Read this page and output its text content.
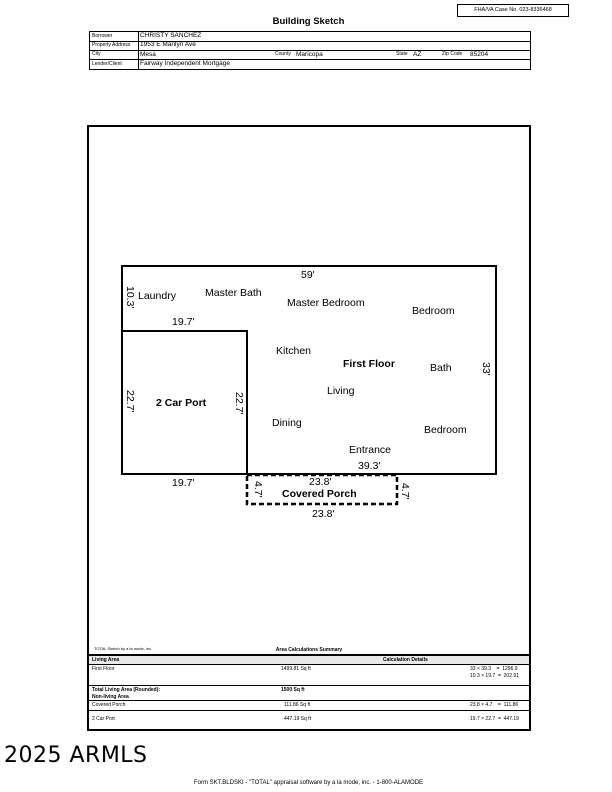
FHA/VA Case No. 023-8336468
Building Sketch
Borrower	CHRISTY SANCHEZ
Property Address 1953 E Marilyn Ave
City	Mesa	County Maricopa	State AZ	Zip Code 85204
Lender/Client	Fairway Independent Mortgage
Laundry	Master Bath
Master Bedroom
Bedroom
Kitchen
First Floor	Bath
2 Car Port
Living
Dining
Bedroom
Entrance
Covered Porch
59'
10.3'
19.7'
33'
22.7'	22.7'
39.3'
19.7'	23.8'
4.7'	4.7'
23.8'
TOTAL Sketch by a la mode, inc.	Area Calculations Summary
Living Area	Calculation Details
First Floor	1499.81 Sq ft	33 × 39.3    =  1296.9
10.3 × 19.7  =  202.91
Total Living Area (Rounded):	1500 Sq ft
Non-living Area
Covered Porch	111.86 Sq ft	23.8 × 4.7    =  111.86
2 Car Port	447.19 Sq ft	19.7 × 22.7  =  447.19
2025 ARMLS
Form SKT.BLDSKI - "TOTAL" appraisal software by a la mode, inc. - 1-800-ALAMODE
